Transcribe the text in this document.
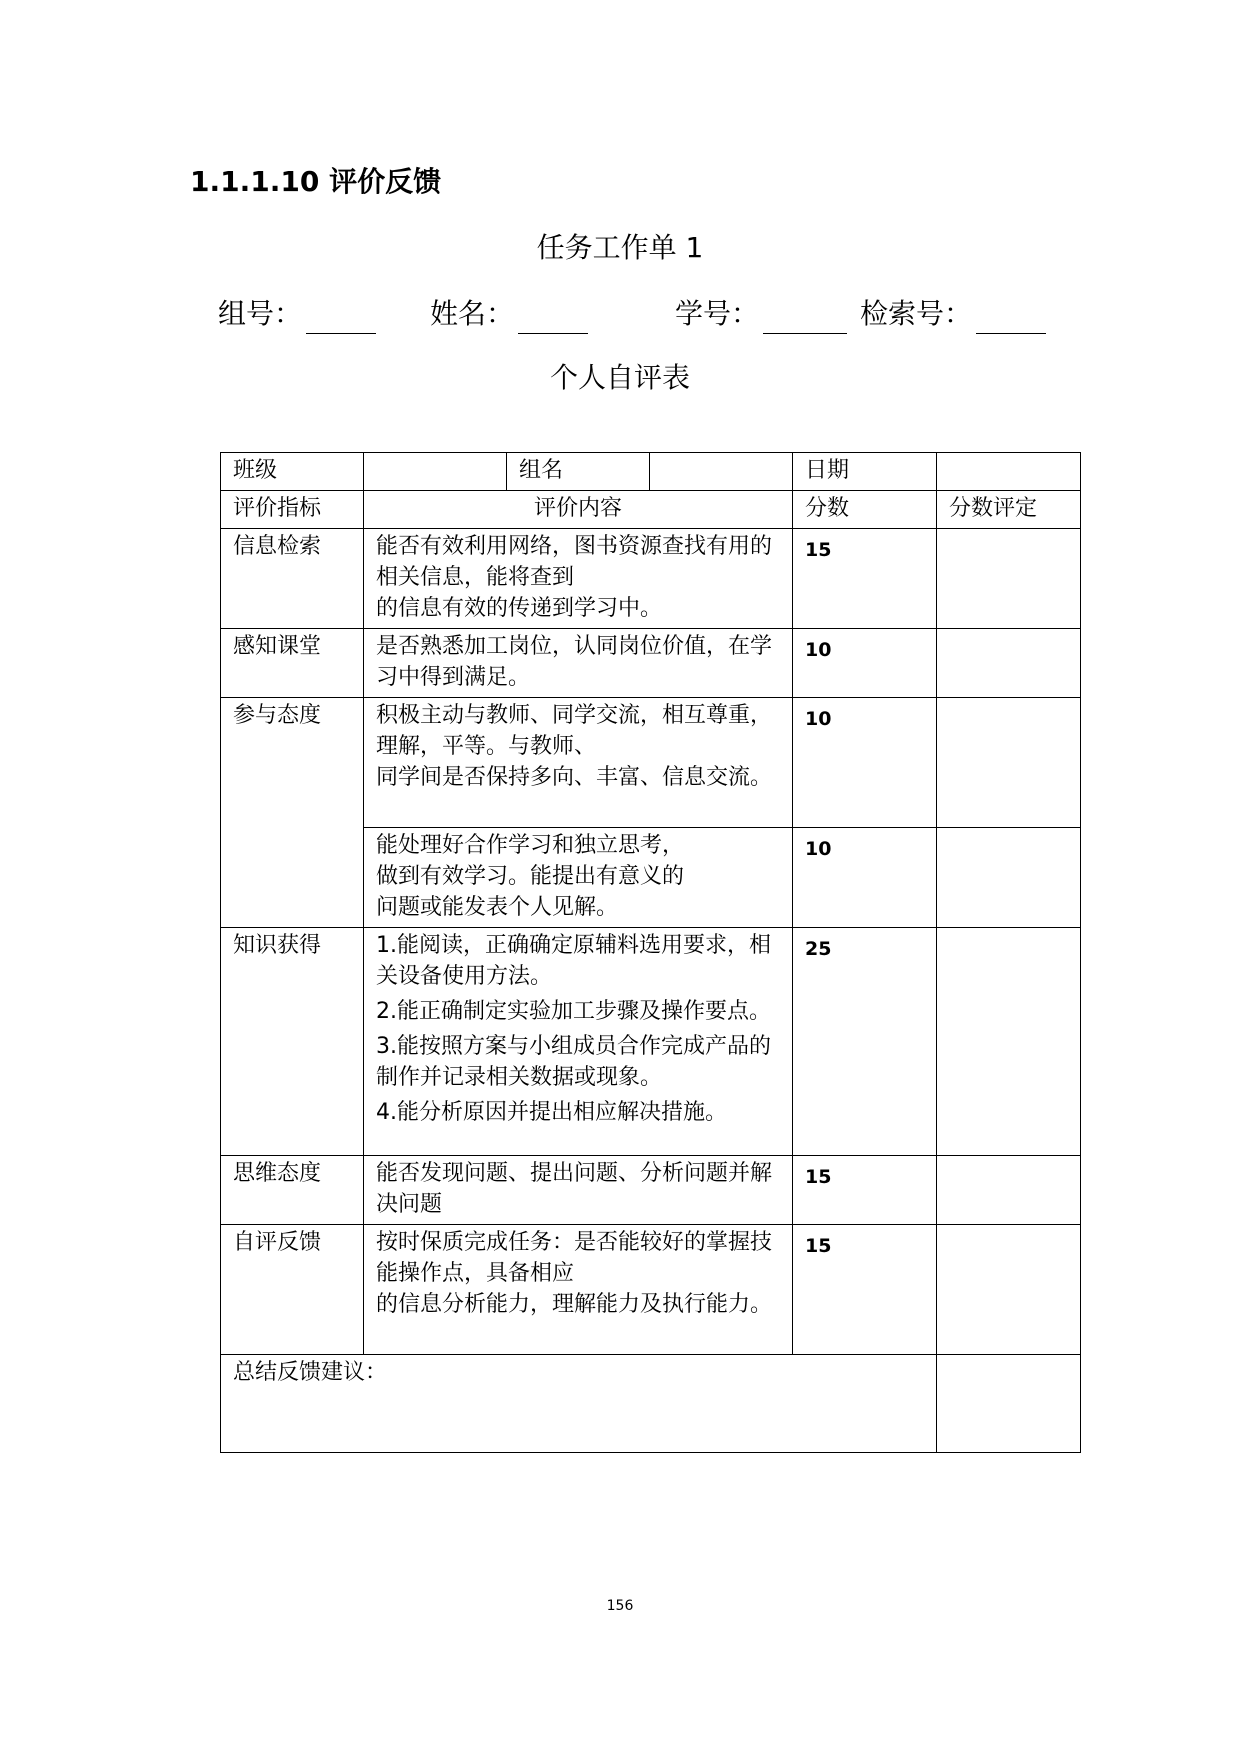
1.1.1.10 评价反馈
任务工作单 1
组号：	姓名：	学号：	检索号：
个人自评表
班级		组名		日期	
评价指标	评价内容			分数	分数评定
信息检索	能否有效利用网络，图书资源查找有用的相关信息，能将查到
的信息有效的传递到学习中。			15	
感知课堂	是否熟悉加工岗位，认同岗位价值，在学习中得到满足。			10	
参与态度	积极主动与教师、同学交流，相互尊重，理解，平等。与教师、
同学间是否保持多向、丰富、信息交流。			10	

	能处理好合作学习和独立思考，
做到有效学习。能提出有意义的
问题或能发表个人见解。			10	
知识获得	1.能阅读，正确确定原辅料选用要求，相关设备使用方法。
2.能正确制定实验加工步骤及操作要点。
3.能按照方案与小组成员合作完成产品的制作并记录相关数据或现象。
4.能分析原因并提出相应解决措施。			25	
思维态度	能否发现问题、提出问题、分析问题并解决问题			15	
自评反馈	按时保质完成任务：是否能较好的掌握技能操作点，具备相应
的信息分析能力，理解能力及执行能力。			15	
总结反馈建议：					
156
